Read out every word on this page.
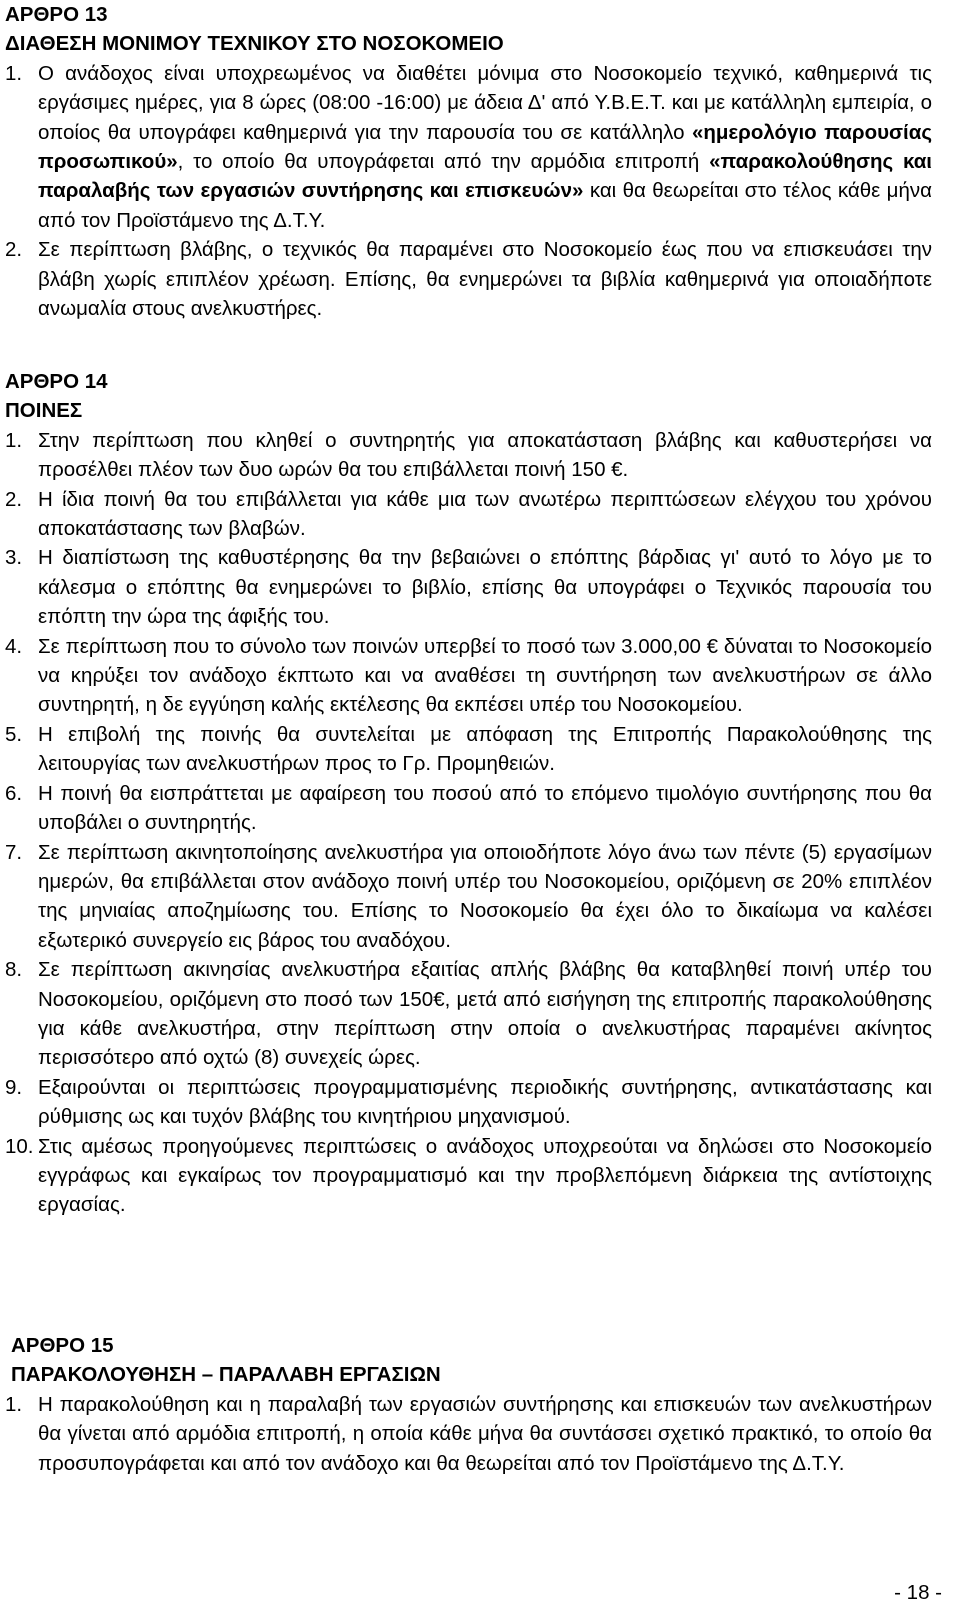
ΑΡΘΡΟ 13

ΔΙΑΘΕΣΗ ΜΟΝΙΜΟΥ ΤΕΧΝΙΚΟΥ ΣΤΟ ΝΟΣΟΚΟΜΕΙΟ

1. Ο ανάδοχος είναι υποχρεωμένος να διαθέτει μόνιμα στο Νοσοκομείο τεχνικό, καθημερινά τις εργάσιμες ημέρες, για 8 ώρες (08:00 -16:00) με άδεια Δ' από Υ.Β.Ε.Τ. και με κατάλληλη εμπειρία, ο οποίος θα υπογράφει καθημερινά για την παρουσία του σε κατάλληλο «ημερολόγιο παρουσίας προσωπικού», το οποίο θα υπογράφεται από την αρμόδια επιτροπή «παρακολούθησης και παραλαβής των εργασιών συντήρησης και επισκευών» και θα θεωρείται στο τέλος κάθε μήνα από τον Προϊστάμενο της Δ.Τ.Υ.
2. Σε περίπτωση βλάβης, ο τεχνικός θα παραμένει στο Νοσοκομείο έως που να επισκευάσει την βλάβη χωρίς επιπλέον χρέωση. Επίσης, θα ενημερώνει τα βιβλία καθημερινά για οποιαδήποτε ανωμαλία στους ανελκυστήρες.

ΑΡΘΡΟ 14

ΠΟΙΝΕΣ

1. Στην περίπτωση που κληθεί ο συντηρητής για αποκατάσταση βλάβης και καθυστερήσει να προσέλθει πλέον των δυο ωρών θα του επιβάλλεται ποινή 150 €.
2. Η ίδια ποινή θα του επιβάλλεται για κάθε μια των ανωτέρω περιπτώσεων ελέγχου του χρόνου αποκατάστασης των βλαβών.
3. Η διαπίστωση της καθυστέρησης θα την βεβαιώνει ο επόπτης βάρδιας γι' αυτό το λόγο με το κάλεσμα ο επόπτης θα ενημερώνει το βιβλίο, επίσης θα υπογράφει ο Τεχνικός παρουσία του επόπτη την ώρα της άφιξής του.
4. Σε περίπτωση που το σύνολο των ποινών υπερβεί το ποσό των 3.000,00 € δύναται το Νοσοκομείο να κηρύξει τον ανάδοχο έκπτωτο και να αναθέσει τη συντήρηση των ανελκυστήρων σε άλλο συντηρητή, η δε εγγύηση καλής εκτέλεσης θα εκπέσει υπέρ του Νοσοκομείου.
5. Η επιβολή της ποινής θα συντελείται με απόφαση της Επιτροπής Παρακολούθησης της λειτουργίας των ανελκυστήρων προς το Γρ. Προμηθειών.
6. Η ποινή θα εισπράττεται με αφαίρεση του ποσού από το επόμενο τιμολόγιο συντήρησης που θα υποβάλει ο συντηρητής.
7. Σε περίπτωση ακινητοποίησης ανελκυστήρα για οποιοδήποτε λόγο άνω των πέντε (5) εργασίμων ημερών, θα επιβάλλεται στον ανάδοχο ποινή υπέρ του Νοσοκομείου, οριζόμενη σε 20% επιπλέον της μηνιαίας αποζημίωσης του. Επίσης το Νοσοκομείο θα έχει όλο το δικαίωμα να καλέσει εξωτερικό συνεργείο εις βάρος του αναδόχου.
8. Σε περίπτωση ακινησίας ανελκυστήρα εξαιτίας απλής βλάβης θα καταβληθεί ποινή υπέρ του Νοσοκομείου, οριζόμενη στο ποσό των 150€, μετά από εισήγηση της επιτροπής παρακολούθησης για κάθε ανελκυστήρα, στην περίπτωση στην οποία ο ανελκυστήρας παραμένει ακίνητος περισσότερο από οχτώ (8) συνεχείς ώρες.
9. Εξαιρούνται οι περιπτώσεις προγραμματισμένης περιοδικής συντήρησης, αντικατάστασης και ρύθμισης ως και τυχόν βλάβης του κινητήριου μηχανισμού.
10. Στις αμέσως προηγούμενες περιπτώσεις ο ανάδοχος υποχρεούται να δηλώσει στο Νοσοκομείο εγγράφως και εγκαίρως τον προγραμματισμό και την προβλεπόμενη διάρκεια της αντίστοιχης εργασίας.

ΑΡΘΡΟ 15

ΠΑΡΑΚΟΛΟΥΘΗΣΗ – ΠΑΡΑΛΑΒΗ ΕΡΓΑΣΙΩΝ

1. Η παρακολούθηση και η παραλαβή των εργασιών συντήρησης και επισκευών των ανελκυστήρων θα γίνεται από αρμόδια επιτροπή, η οποία κάθε μήνα θα συντάσσει σχετικό πρακτικό, το οποίο θα προσυπογράφεται και από τον ανάδοχο και θα θεωρείται από τον Προϊστάμενο της Δ.Τ.Υ.
- 18 -
